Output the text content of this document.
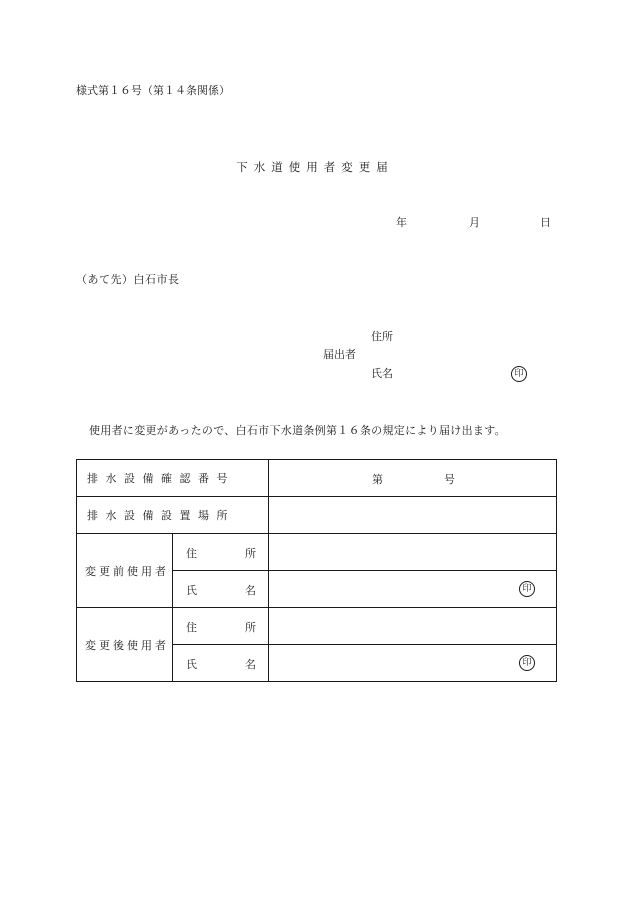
様式第１６号（第１４条関係）
下水道使用者変更届
年	月	日
（あて先）白石市長
住所
届出者
氏名	印
使用者に変更があったので、白石市下水道条例第１６条の規定により届け出ます。
排水設備確認番号		第 号

排水設備設置場所		
変更前使用者	住 所	

	氏 名	印

変更後使用者	住 所	

	氏 名	印
